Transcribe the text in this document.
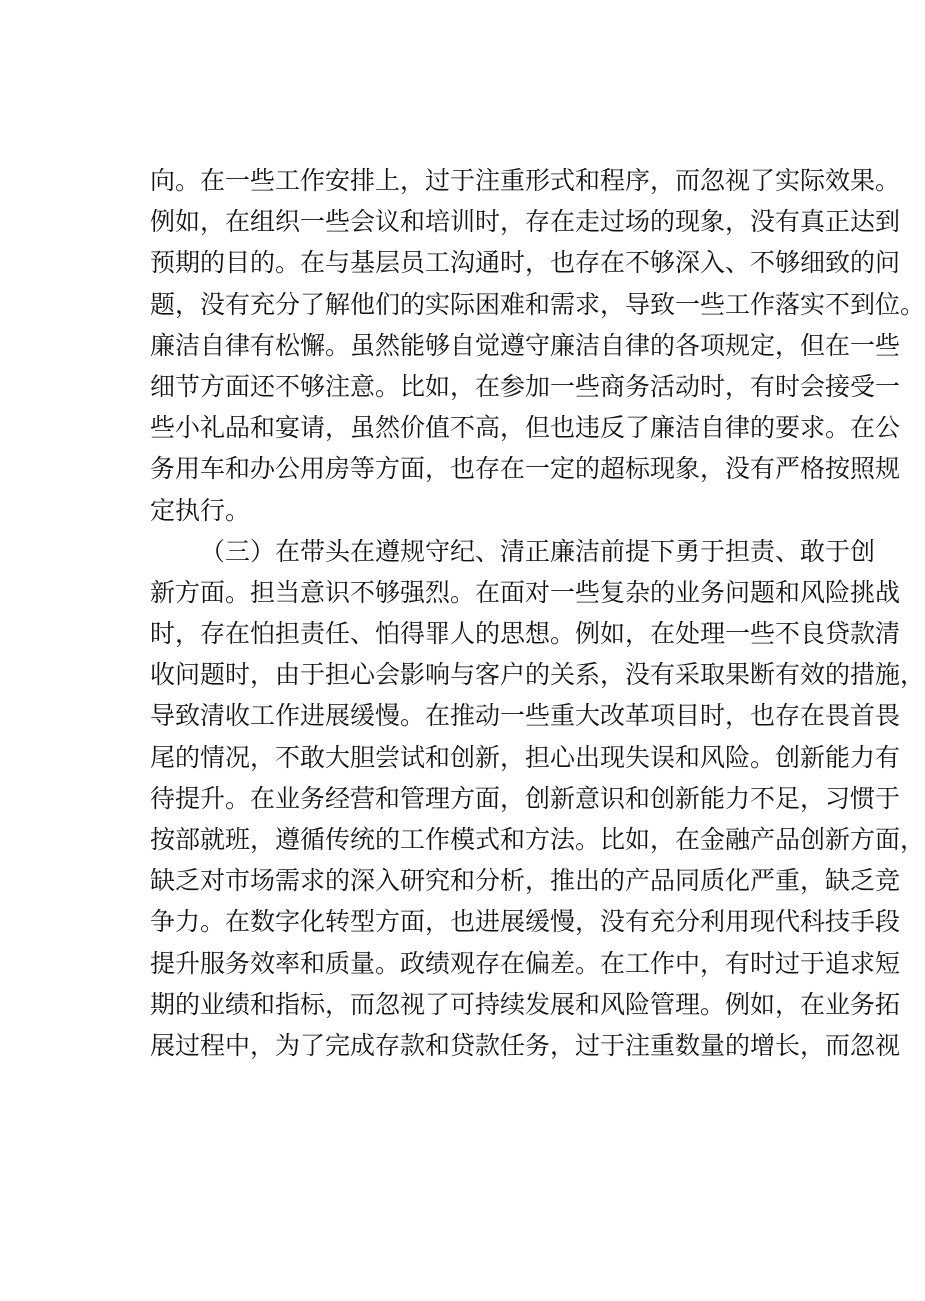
向。在一些工作安排上，过于注重形式和程序，而忽视了实际效果。
例如，在组织一些会议和培训时，存在走过场的现象，没有真正达到
预期的目的。在与基层员工沟通时，也存在不够深入、不够细致的问
题，没有充分了解他们的实际困难和需求，导致一些工作落实不到位。
廉洁自律有松懈。虽然能够自觉遵守廉洁自律的各项规定，但在一些
细节方面还不够注意。比如，在参加一些商务活动时，有时会接受一
些小礼品和宴请，虽然价值不高，但也违反了廉洁自律的要求。在公
务用车和办公用房等方面，也存在一定的超标现象，没有严格按照规
定执行。
（三）在带头在遵规守纪、清正廉洁前提下勇于担责、敢于创
新方面。担当意识不够强烈。在面对一些复杂的业务问题和风险挑战
时，存在怕担责任、怕得罪人的思想。例如，在处理一些不良贷款清
收问题时，由于担心会影响与客户的关系，没有采取果断有效的措施，
导致清收工作进展缓慢。在推动一些重大改革项目时，也存在畏首畏
尾的情况，不敢大胆尝试和创新，担心出现失误和风险。创新能力有
待提升。在业务经营和管理方面，创新意识和创新能力不足，习惯于
按部就班，遵循传统的工作模式和方法。比如，在金融产品创新方面，
缺乏对市场需求的深入研究和分析，推出的产品同质化严重，缺乏竞
争力。在数字化转型方面，也进展缓慢，没有充分利用现代科技手段
提升服务效率和质量。政绩观存在偏差。在工作中，有时过于追求短
期的业绩和指标，而忽视了可持续发展和风险管理。例如，在业务拓
展过程中，为了完成存款和贷款任务，过于注重数量的增长，而忽视
